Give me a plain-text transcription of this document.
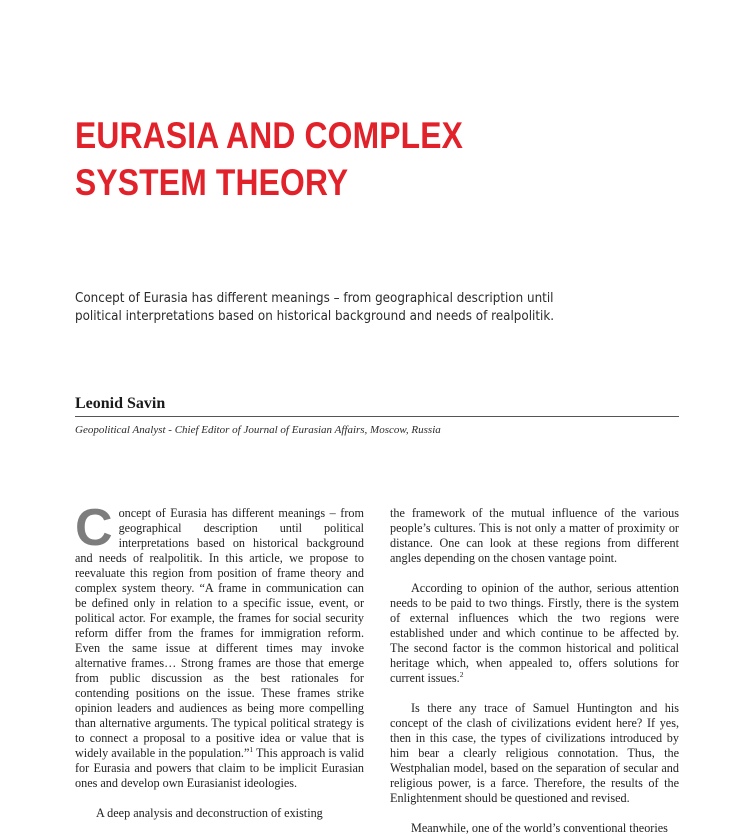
EURASIA AND COMPLEX
SYSTEM THEORY

Concept of Eurasia has different meanings – from geographical description until
political interpretations based on historical background and needs of realpolitik.

Leonid Savin

Geopolitical Analyst - Chief Editor of Journal of Eurasian Affairs, Moscow, Russia

Concept of Eurasia has different meanings – from geographical description until political interpretations based on historical background and needs of realpolitik. In this article, we propose to reevaluate this region from position of frame theory and complex system theory. “A frame in communication can be defined only in relation to a specific issue, event, or political actor. For example, the frames for social security reform differ from the frames for immigration reform. Even the same issue at different times may invoke alternative frames… Strong frames are those that emerge from public discussion as the best rationales for contending positions on the issue. These frames strike opinion leaders and audiences as being more compelling than alternative arguments. The typical political strategy is to connect a proposal to a positive idea or value that is widely available in the population.”$^1$ This approach is valid for Eurasia and powers that claim to be implicit Eurasian ones and develop own Eurasianist ideologies.

A deep analysis and deconstruction of existing

the framework of the mutual influence of the various people’s cultures. This is not only a matter of proximity or distance. One can look at these regions from different angles depending on the chosen vantage point.

According to opinion of the author, serious attention needs to be paid to two things. Firstly, there is the system of external influences which the two regions were established under and which continue to be affected by. The second factor is the common historical and political heritage which, when appealed to, offers solutions for current issues.$^2$

Is there any trace of Samuel Huntington and his concept of the clash of civilizations evident here? If yes, then in this case, the types of civilizations introduced by him bear a clearly religious connotation. Thus, the Westphalian model, based on the separation of secular and religious power, is a farce. Therefore, the results of the Enlightenment should be questioned and revised.

Meanwhile, one of the world’s conventional theories
